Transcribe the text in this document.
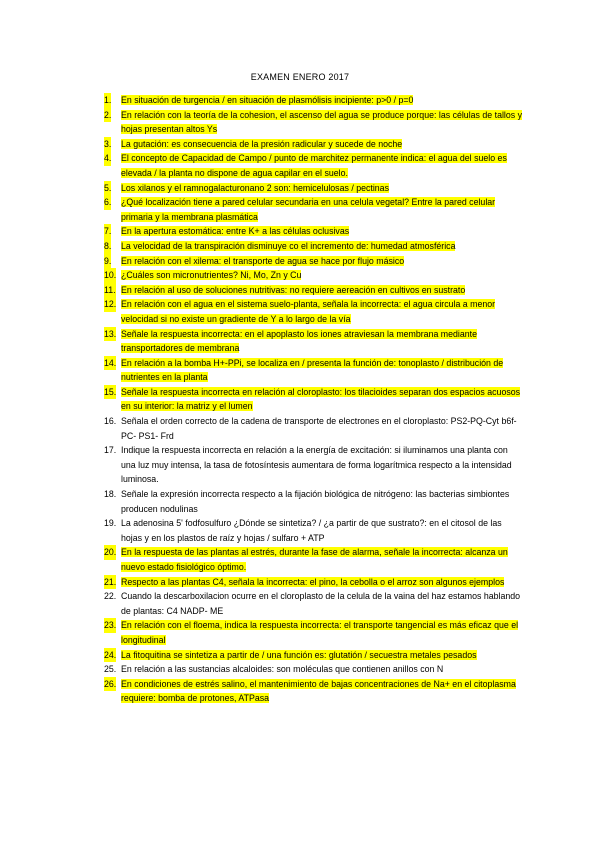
EXAMEN ENERO 2017
1. En situación de turgencia / en situación de plasmólisis incipiente: p>0 / p=0
2. En relación con la teoría de la cohesion, el ascenso del agua se produce porque: las células de tallos y hojas presentan altos Ys
3. La gutación: es consecuencia de la presión radicular y sucede de noche
4. El concepto de Capacidad de Campo / punto de marchitez permanente indica: el agua del suelo es elevada / la planta no dispone de agua capilar en el suelo.
5. Los xilanos y el ramnogalacturonano 2 son: hemicelulosas / pectinas
6. ¿Qué localización tiene a pared celular secundaria en una celula vegetal? Entre la pared celular primaria y la membrana plasmática
7. En la apertura estomática: entre K+ a las células oclusivas
8. La velocidad de la transpiración disminuye co el incremento de: humedad atmosférica
9. En relación con el xilema: el transporte de agua se hace por flujo másico
10. ¿Cuáles son micronutrientes? Ni, Mo, Zn y Cu
11. En relación al uso de soluciones nutritivas: no requiere aereación en cultivos en sustrato
12. En relación con el agua en el sistema suelo-planta, señala la incorrecta: el agua circula a menor velocidad si no existe un gradiente de Y a lo largo de la vía
13. Señale la respuesta incorrecta: en el apoplasto los iones atraviesan la membrana mediante transportadores de membrana
14. En relación a la bomba H+-PPi, se localiza en / presenta la función de: tonoplasto / distribución de nutrientes en la planta
15. Señale la respuesta incorrecta en relación al cloroplasto: los tilacioides separan dos espacios acuosos en su interior: la matriz y el lumen
16. Señala el orden correcto de la cadena de transporte de electrones en el cloroplasto: PS2-PQ-Cyt b6f- PC- PS1- Frd
17. Indique la respuesta incorrecta en relación a la energía de excitación: si iluminamos una planta con una luz muy intensa, la tasa de fotosíntesis aumentara de forma logarítmica respecto a la intensidad luminosa.
18. Señale la expresión incorrecta respecto a la fijación biológica de nitrógeno: las bacterias simbiontes producen nodulinas
19. La adenosina 5' fodfosulfuro ¿Dónde se sintetiza? / ¿a partir de que sustrato?: en el citosol de las hojas y en los plastos de raíz y hojas / sulfaro + ATP
20. En la respuesta de las plantas al estrés, durante la fase de alarma, señale la incorrecta: alcanza un nuevo estado fisiológico óptimo.
21. Respecto a las plantas C4, señala la incorrecta: el pino, la cebolla o el arroz son algunos ejemplos
22. Cuando la descarboxilacion ocurre en el cloroplasto de la celula de la vaina del haz estamos hablando de plantas: C4 NADP- ME
23. En relación con el floema, indica la respuesta incorrecta: el transporte tangencial es más eficaz que el longitudinal
24. La fitoquitina se sintetiza a partir de / una función es: glutatión / secuestra metales pesados
25. En relación a las sustancias alcaloides: son moléculas que contienen anillos con N
26. En condiciones de estrés salino, el mantenimiento de bajas concentraciones de Na+ en el citoplasma requiere: bomba de protones, ATPasa
